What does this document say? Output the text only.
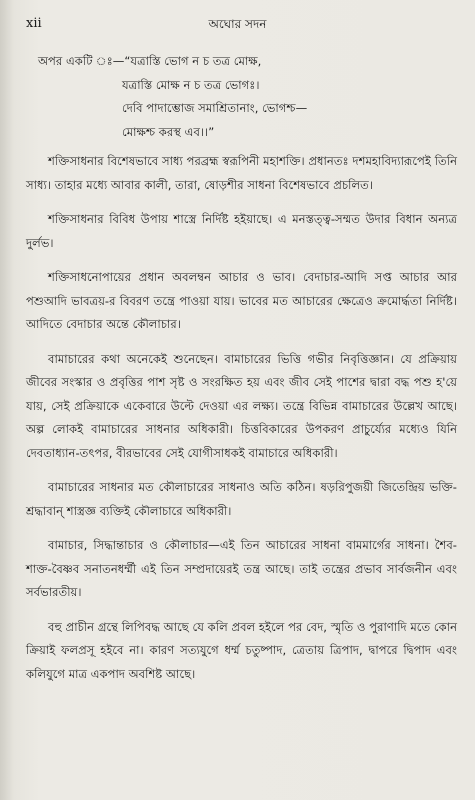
xii	অঘোর সদন
অপর একটি ঃ—“যত্রাস্তি ভোগ ন চ তত্র মোক্ষ,
যত্রাস্তি মোক্ষ ন চ তত্র ভোগঃ।
দেবি পাদাম্ভোজ সমাশ্রিতানাং, ভোগশ্চ—
মোক্ষশ্চ করস্থ এব।।”

শক্তিসাধনার বিশেষভাবে সাধ্য পরব্রহ্ম স্বরূপিনী মহাশক্তি। প্রধানতঃ দশমহাবিদ্যারূপেই তিনি সাধ্য। তাহার মধ্যে আবার কালী, তারা, ষোড়শীর সাধনা বিশেষভাবে প্রচলিত।

শক্তিসাধনার বিবিধ উপায় শাস্ত্রে নির্দিষ্ট হইয়াছে। এ মনস্তত্ত্ব-সম্মত উদার বিধান অন্যত্র দুর্লভ।

শক্তিসাধনোপায়ের প্রধান অবলম্বন আচার ও ভাব। বেদাচার-আদি সপ্ত আচার আর পশুআদি ভাবত্রয়-র বিবরণ তন্ত্রে পাওয়া যায়। ভাবের মত আচারের ক্ষেত্রেও ক্রমোর্দ্ধতা নির্দিষ্ট। আদিতে বেদাচার অন্তে কৌলাচার।

বামাচারের কথা অনেকেই শুনেছেন। বামাচারের ভিত্তি গভীর নিবৃত্তিজ্ঞান। যে প্রক্রিয়ায় জীবের সংস্কার ও প্রবৃত্তির পাশ সৃষ্ট ও সংরক্ষিত হয় এবং জীব সেই পাশের দ্বারা বদ্ধ পশু হ'য়ে যায়, সেই প্রক্রিয়াকে একেবারে উল্টে দেওয়া এর লক্ষ্য। তন্ত্রে বিভিন্ন বামাচারের উল্লেখ আছে। অল্প লোকই বামাচারের সাধনার অধিকারী। চিত্তবিকারের উপকরণ প্রাচুর্য্যের মধ্যেও যিনি দেবতাধ্যান-তৎপর, বীরভাবের সেই যোগীসাধকই বামাচারে অধিকারী।

বামাচারের সাধনার মত কৌলাচারের সাধনাও অতি কঠিন। ষড়রিপুজয়ী জিতেন্দ্রিয় ভক্তি-শ্রদ্ধাবান্ শাস্ত্রজ্ঞ ব্যক্তিই কৌলাচারে অধিকারী।

বামাচার, সিদ্ধান্তাচার ও কৌলাচার—এই তিন আচারের সাধনা বামমার্গের সাধনা। শৈব-শাক্ত-বৈষ্ণব সনাতনধর্ম্মী এই তিন সম্প্রদায়েরই তন্ত্র আছে। তাই তন্ত্রের প্রভাব সার্বজনীন এবং সর্বভারতীয়।

বহু প্রাচীন গ্রন্থে লিপিবদ্ধ আছে যে কলি প্রবল হইলে পর বেদ, স্মৃতি ও পুরাণাদি মতে কোন ক্রিয়াই ফলপ্রসূ হইবে না। কারণ সত্যযুগে ধর্ম্ম চতুষ্পাদ, ত্রেতায় ত্রিপাদ, দ্বাপরে দ্বিপাদ এবং কলিযুগে মাত্র একপাদ অবশিষ্ট আছে।
